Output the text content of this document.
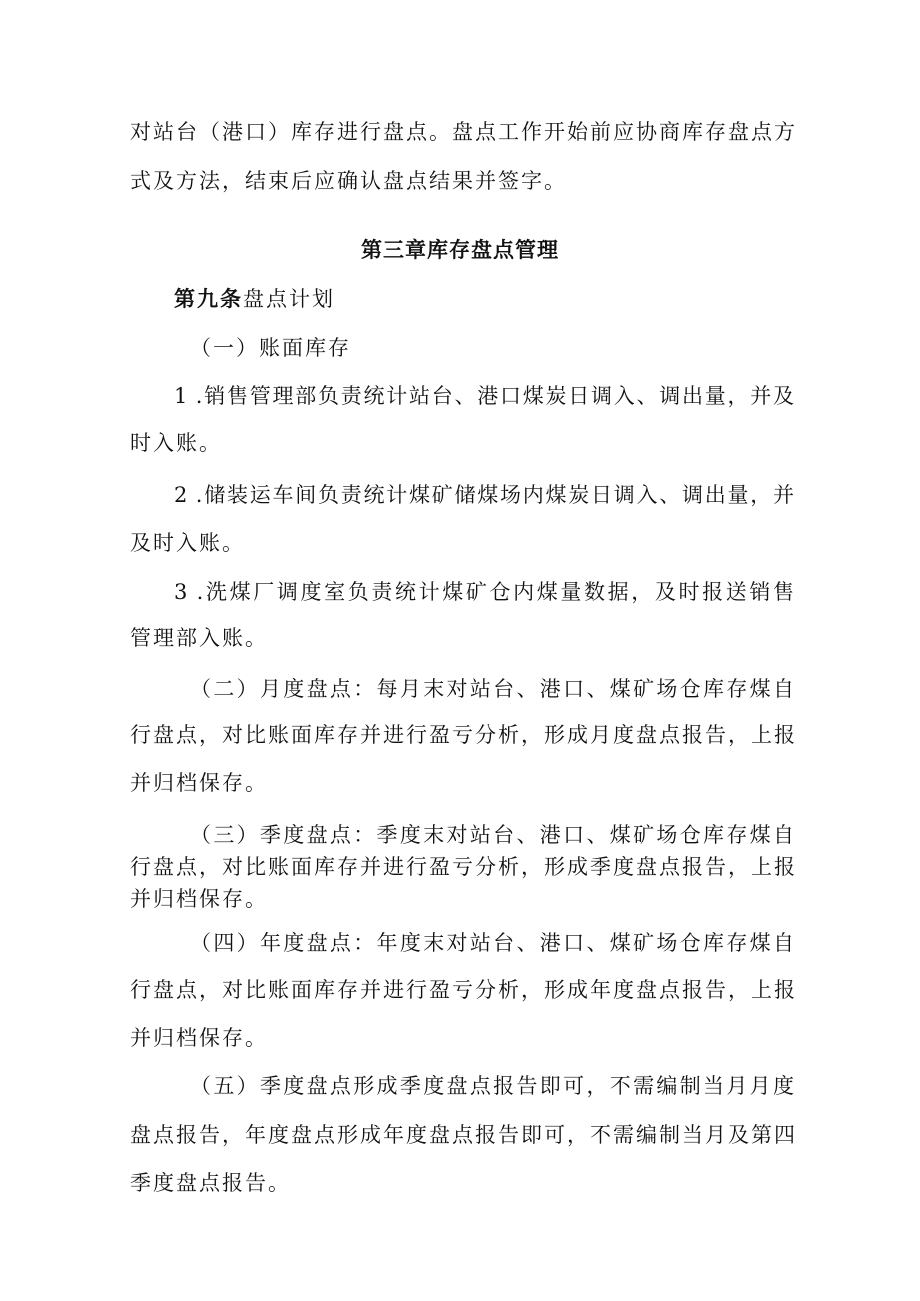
对站台（港口）库存进行盘点。盘点工作开始前应协商库存盘点方
式及方法，结束后应确认盘点结果并签字。
第三章库存盘点管理
第九条盘点计划
（一）账面库存
1 .销售管理部负责统计站台、港口煤炭日调入、调出量，并及
时入账。
2 .储装运车间负责统计煤矿储煤场内煤炭日调入、调出量，并
及时入账。
3 .洗煤厂调度室负责统计煤矿仓内煤量数据，及时报送销售
管理部入账。
（二）月度盘点：每月末对站台、港口、煤矿场仓库存煤自
行盘点，对比账面库存并进行盈亏分析，形成月度盘点报告，上报
并归档保存。
（三）季度盘点：季度末对站台、港口、煤矿场仓库存煤自
行盘点，对比账面库存并进行盈亏分析，形成季度盘点报告，上报
并归档保存。
（四）年度盘点：年度末对站台、港口、煤矿场仓库存煤自
行盘点，对比账面库存并进行盈亏分析，形成年度盘点报告，上报
并归档保存。
（五）季度盘点形成季度盘点报告即可，不需编制当月月度
盘点报告，年度盘点形成年度盘点报告即可，不需编制当月及第四
季度盘点报告。
